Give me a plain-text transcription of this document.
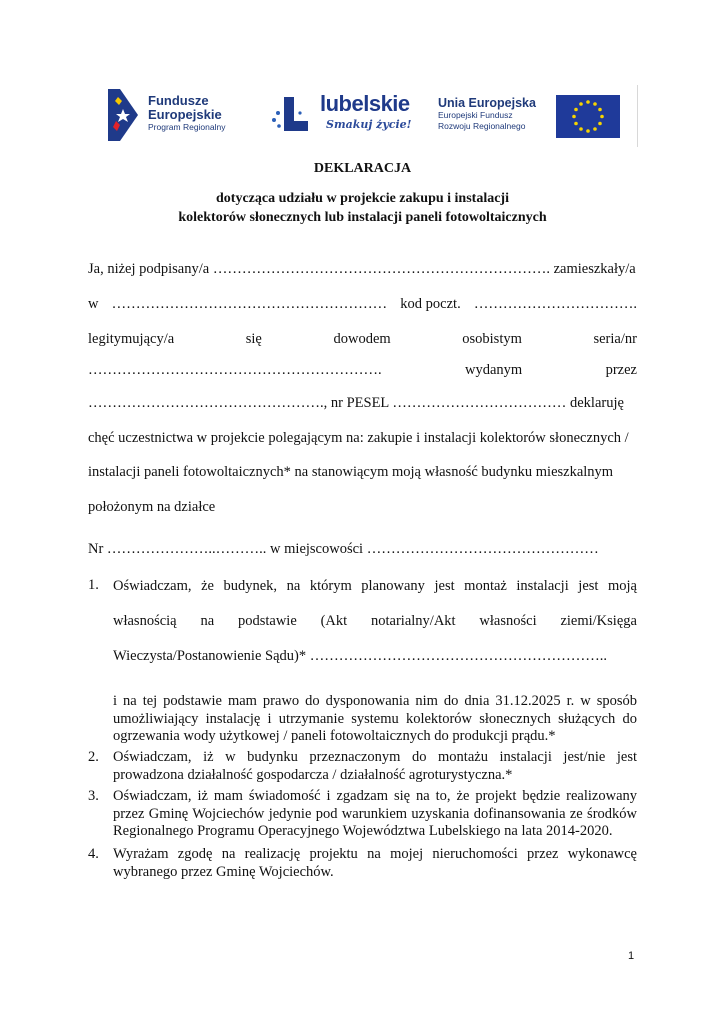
Fundusze
Europejskie
Program Regionalny
lubelskie
Smakuj życie!
Unia Europejska
Europejski Fundusz
Rozwoju Regionalnego
DEKLARACJA
dotycząca udziału w projekcie zakupu i instalacji
kolektorów słonecznych lub instalacji paneli fotowoltaicznych
Ja, niżej podpisany/a ……………………………………………………………. zamieszkały/a
w ………………………………………………… kod poczt. …………………………….
legitymujący/a	się	dowodem	osobistym	seria/nr
…………………………………………………….	wydanym	przez
…………………………………………., nr PESEL ……………………………… deklaruję
chęć uczestnictwa w projekcie polegającym na: zakupie i instalacji kolektorów słonecznych /
instalacji paneli fotowoltaicznych* na stanowiącym moją własność budynku mieszkalnym
położonym na działce
Nr …………………..……….. w miejscowości …………………………………………
1. Oświadczam, że budynek, na którym planowany jest montaż instalacji jest moją
własnością na podstawie (Akt notarialny/Akt własności ziemi/Księga
Wieczysta/Postanowienie Sądu)* ……………………………………………………..
i na tej podstawie mam prawo do dysponowania nim do dnia 31.12.2025 r. w sposób umożliwiający instalację i utrzymanie systemu kolektorów słonecznych służących do ogrzewania wody użytkowej / paneli fotowoltaicznych do produkcji prądu.*
2. Oświadczam, iż w budynku przeznaczonym do montażu instalacji jest/nie jest prowadzona działalność gospodarcza / działalność agroturystyczna.*
3. Oświadczam, iż mam świadomość i zgadzam się na to, że projekt będzie realizowany przez Gminę Wojciechów jedynie pod warunkiem uzyskania dofinansowania ze środków Regionalnego Programu Operacyjnego Województwa Lubelskiego na lata 2014-2020.
4. Wyrażam zgodę na realizację projektu na mojej nieruchomości przez wykonawcę wybranego przez Gminę Wojciechów.
1
